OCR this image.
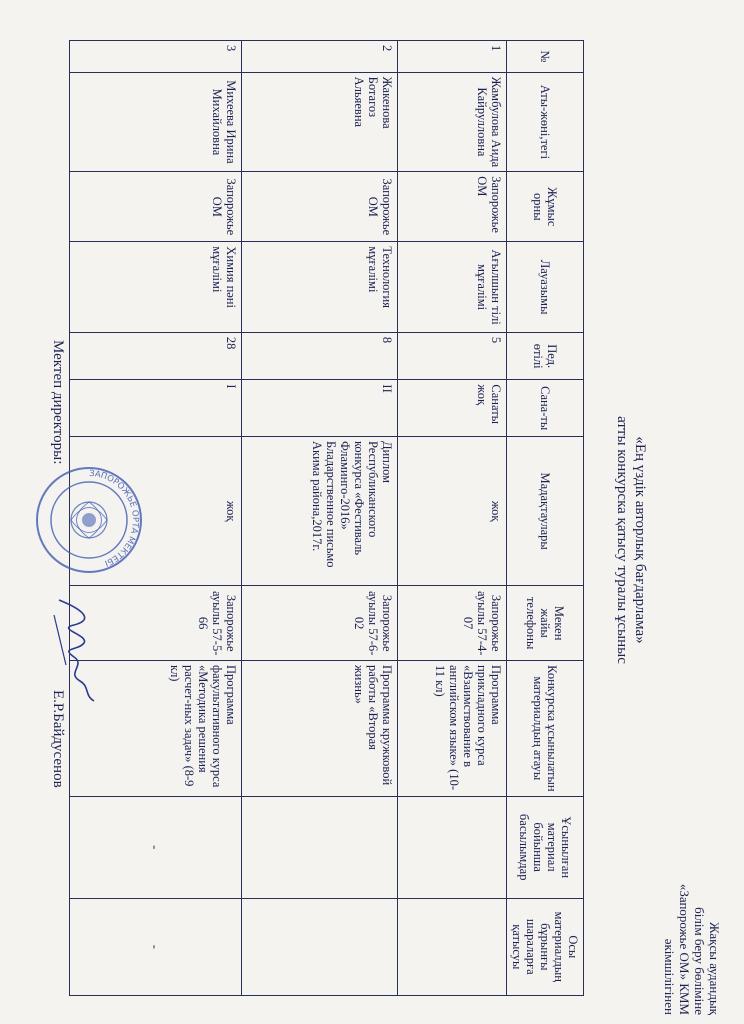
Жақсы аудандық
білім беру бөліміне
«Запорожье ОМ» КММ
әкімшілігінен
«Ең үздік авторлық бағдарлама»
атты конкурска қатысу туралы ұсыныс
№	Аты-жөні,тегі	Жұмыс орны	Лауазымы	Пед. өтілі	Сана-ты	Мадақтаулары	Мекен жайы телефоны	Конкурска ұсынылатын материалдың атауы	Ұсынылған материал бойынша басылымдар	Осы материалдың бұрынғы шараларға қатысуы
1	Жамбулова Аида Кайрулловна	Запорожье ОМ	Ағылшын тілі мұғалімі	5	Санаты жоқ	жоқ	Запорожье ауылы 57-4-07	Программа прикладного курса «Взаимствование в английском языке» (10-11 кл)		
2	Жакенова Ботагоз Альяевна	Запорожье ОМ	Технология мұғалімі	8	II	Диплом Республиканского конкурса «Фестиваль Фламинго-2016» Бладарственное письмо Акима района,2017г.	Запорожье ауылы 57-6-02	Программа кружковой работы «Вторая жизнь»		
3	Михеева Ирина Михайловна	Запорожье ОМ	Химия пәні мұғалімі	28	I	жоқ	Запорожье ауылы 57-5-66	Программа факультативного курса «Методика решения расчет-ных задач» (8-9 кл)	-	-
ЗАПОРОЖЬЕ ОРТА МЕКТЕБІ
Мектеп директоры:
Е.Р.Байдусенов
